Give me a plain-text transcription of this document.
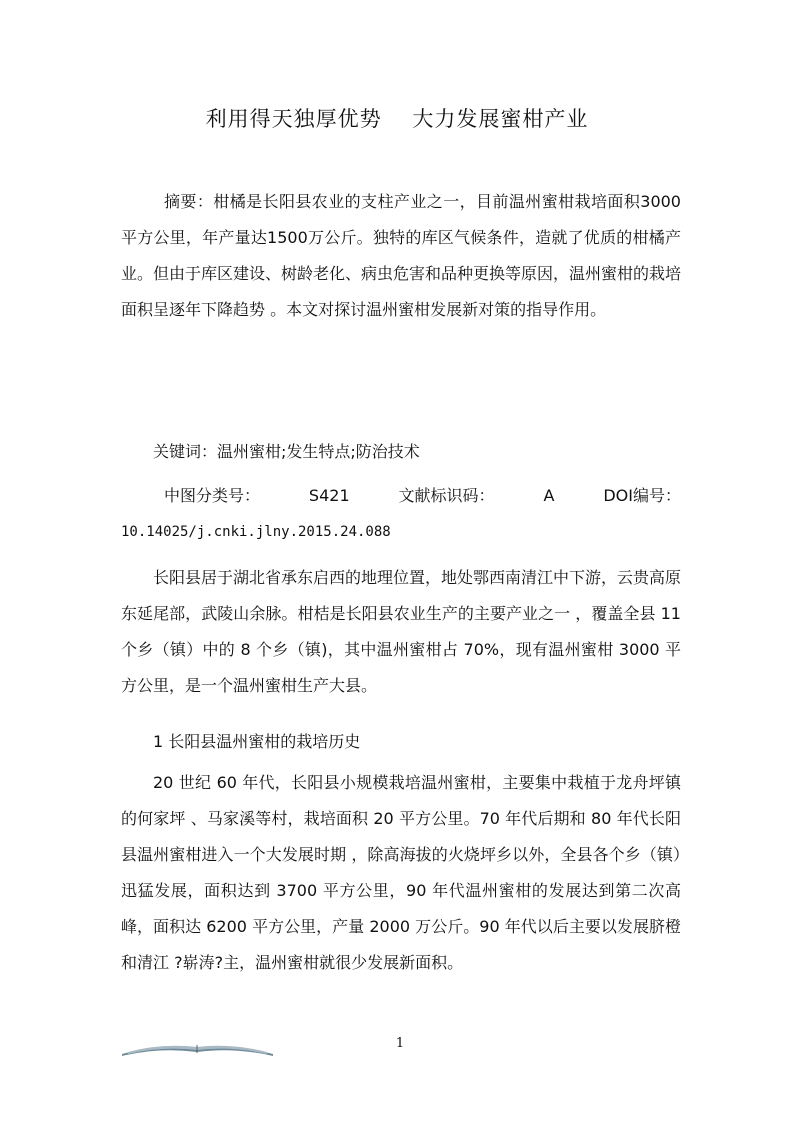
利用得天独厚优势    大力发展蜜柑产业
摘要：柑橘是长阳县农业的支柱产业之一，目前温州蜜柑栽培面积3000平方公里，年产量达1500万公斤。独特的库区气候条件，造就了优质的柑橘产业。但由于库区建设、树龄老化、病虫危害和品种更换等原因，温州蜜柑的栽培面积呈逐年下降趋势 。本文对探讨温州蜜柑发展新对策的指导作用。
关键词：温州蜜柑;发生特点;防治技术
中图分类号：	S421	文献标识码：	A	DOI编号：
10.14025/j.cnki.jlny.2015.24.088
长阳县居于湖北省承东启西的地理位置，地处鄂西南清江中下游，云贵高原东延尾部，武陵山余脉。柑桔是长阳县农业生产的主要产业之一 ，覆盖全县 11 个乡（镇）中的 8 个乡（镇)，其中温州蜜柑占 70%，现有温州蜜柑 3000 平方公里，是一个温州蜜柑生产大县。
1 长阳县温州蜜柑的栽培历史
20 世纪 60 年代，长阳县小规模栽培温州蜜柑，主要集中栽植于龙舟坪镇的何家坪 、马家溪等村，栽培面积 20 平方公里。70 年代后期和 80 年代长阳县温州蜜柑进入一个大发展时期 ，除高海拔的火烧坪乡以外，全县各个乡（镇）迅猛发展，面积达到 3700 平方公里，90 年代温州蜜柑的发展达到第二次高峰，面积达 6200 平方公里，产量 2000 万公斤。90 年代以后主要以发展脐橙和清江 ?崭涛?主，温州蜜柑就很少发展新面积。
1
